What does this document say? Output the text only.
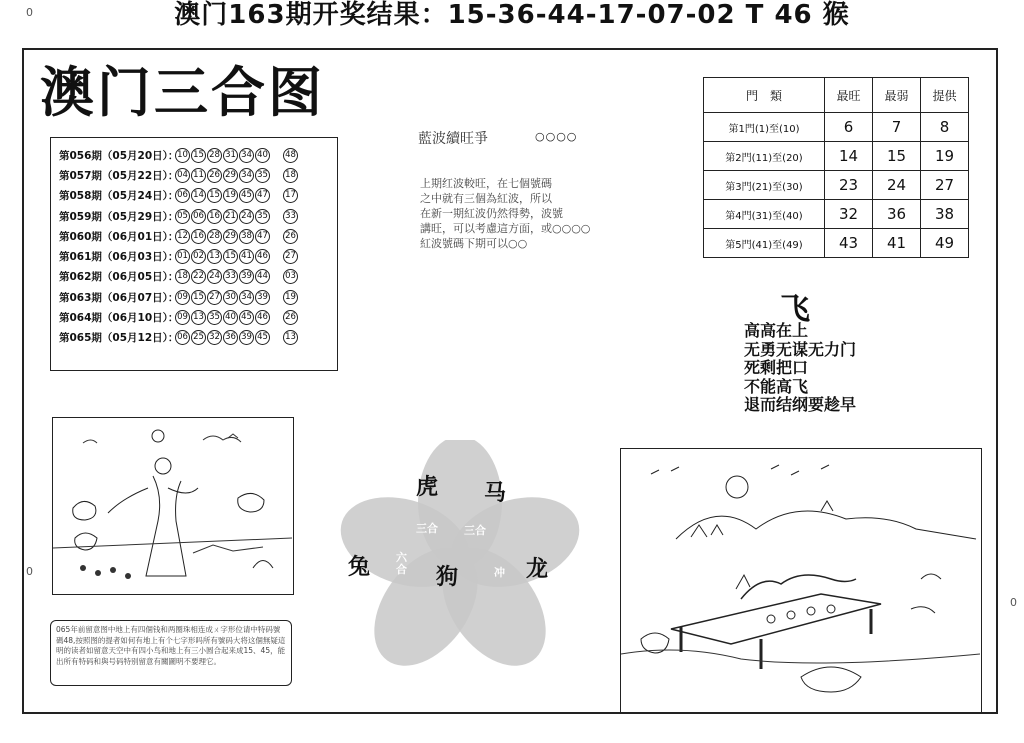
澳门163期开奖结果：15-36-44-17-07-02 T 46 猴
0
0
0
澳门三合图
第056期（05月20日）：
10 15 28 31 34 40 48
第057期（05月22日）：
04 11 26 29 34 35 18
第058期（05月24日）：
06 14 15 19 45 47 17
第059期（05月29日）：
05 06 16 21 24 35 33
第060期（06月01日）：
12 16 28 29 38 47 26
第061期（06月03日）：
01 02 13 15 41 46 27
第062期（06月05日）：
18 22 24 33 39 44 03
第063期（06月07日）：
09 15 27 30 34 39 19
第064期（06月10日）：
09 13 35 40 45 46 26
第065期（05月12日）：
06 25 32 36 39 45 13
藍波續旺爭	○○○○
上期红波較旺，在七個號碼
之中就有三個為紅波，所以
在新一期紅波仍然得勢，波號
講旺，可以考慮這方面，或○○○○
紅波號碼下期可以○○
門　類	最旺	最弱	提供
第1門(1)至(10)	6	7	8
第2門(11)至(20)	14	15	19
第3門(21)至(30)	23	24	27
第4門(31)至(40)	32	36	38
第5門(41)至(49)	43	41	49
飞
高高在上
无勇无谋无力门
死剩把口
不能高飞
退而结纲要趁早
065年前留意图中地上有四個钱和两圈珠相连成ㄨ字形位请中特码號碼48,按照图的提者如何有地上有个七字形吗所有號码大将这個無疑這明的读者如留意天空中有四小鸟和地上有三小圆合起来成15、45，能出所有特码和與号码特别留意有關圖明不要理它。
虎 马
兔	狗	龙
三合 三合
六合	冲
